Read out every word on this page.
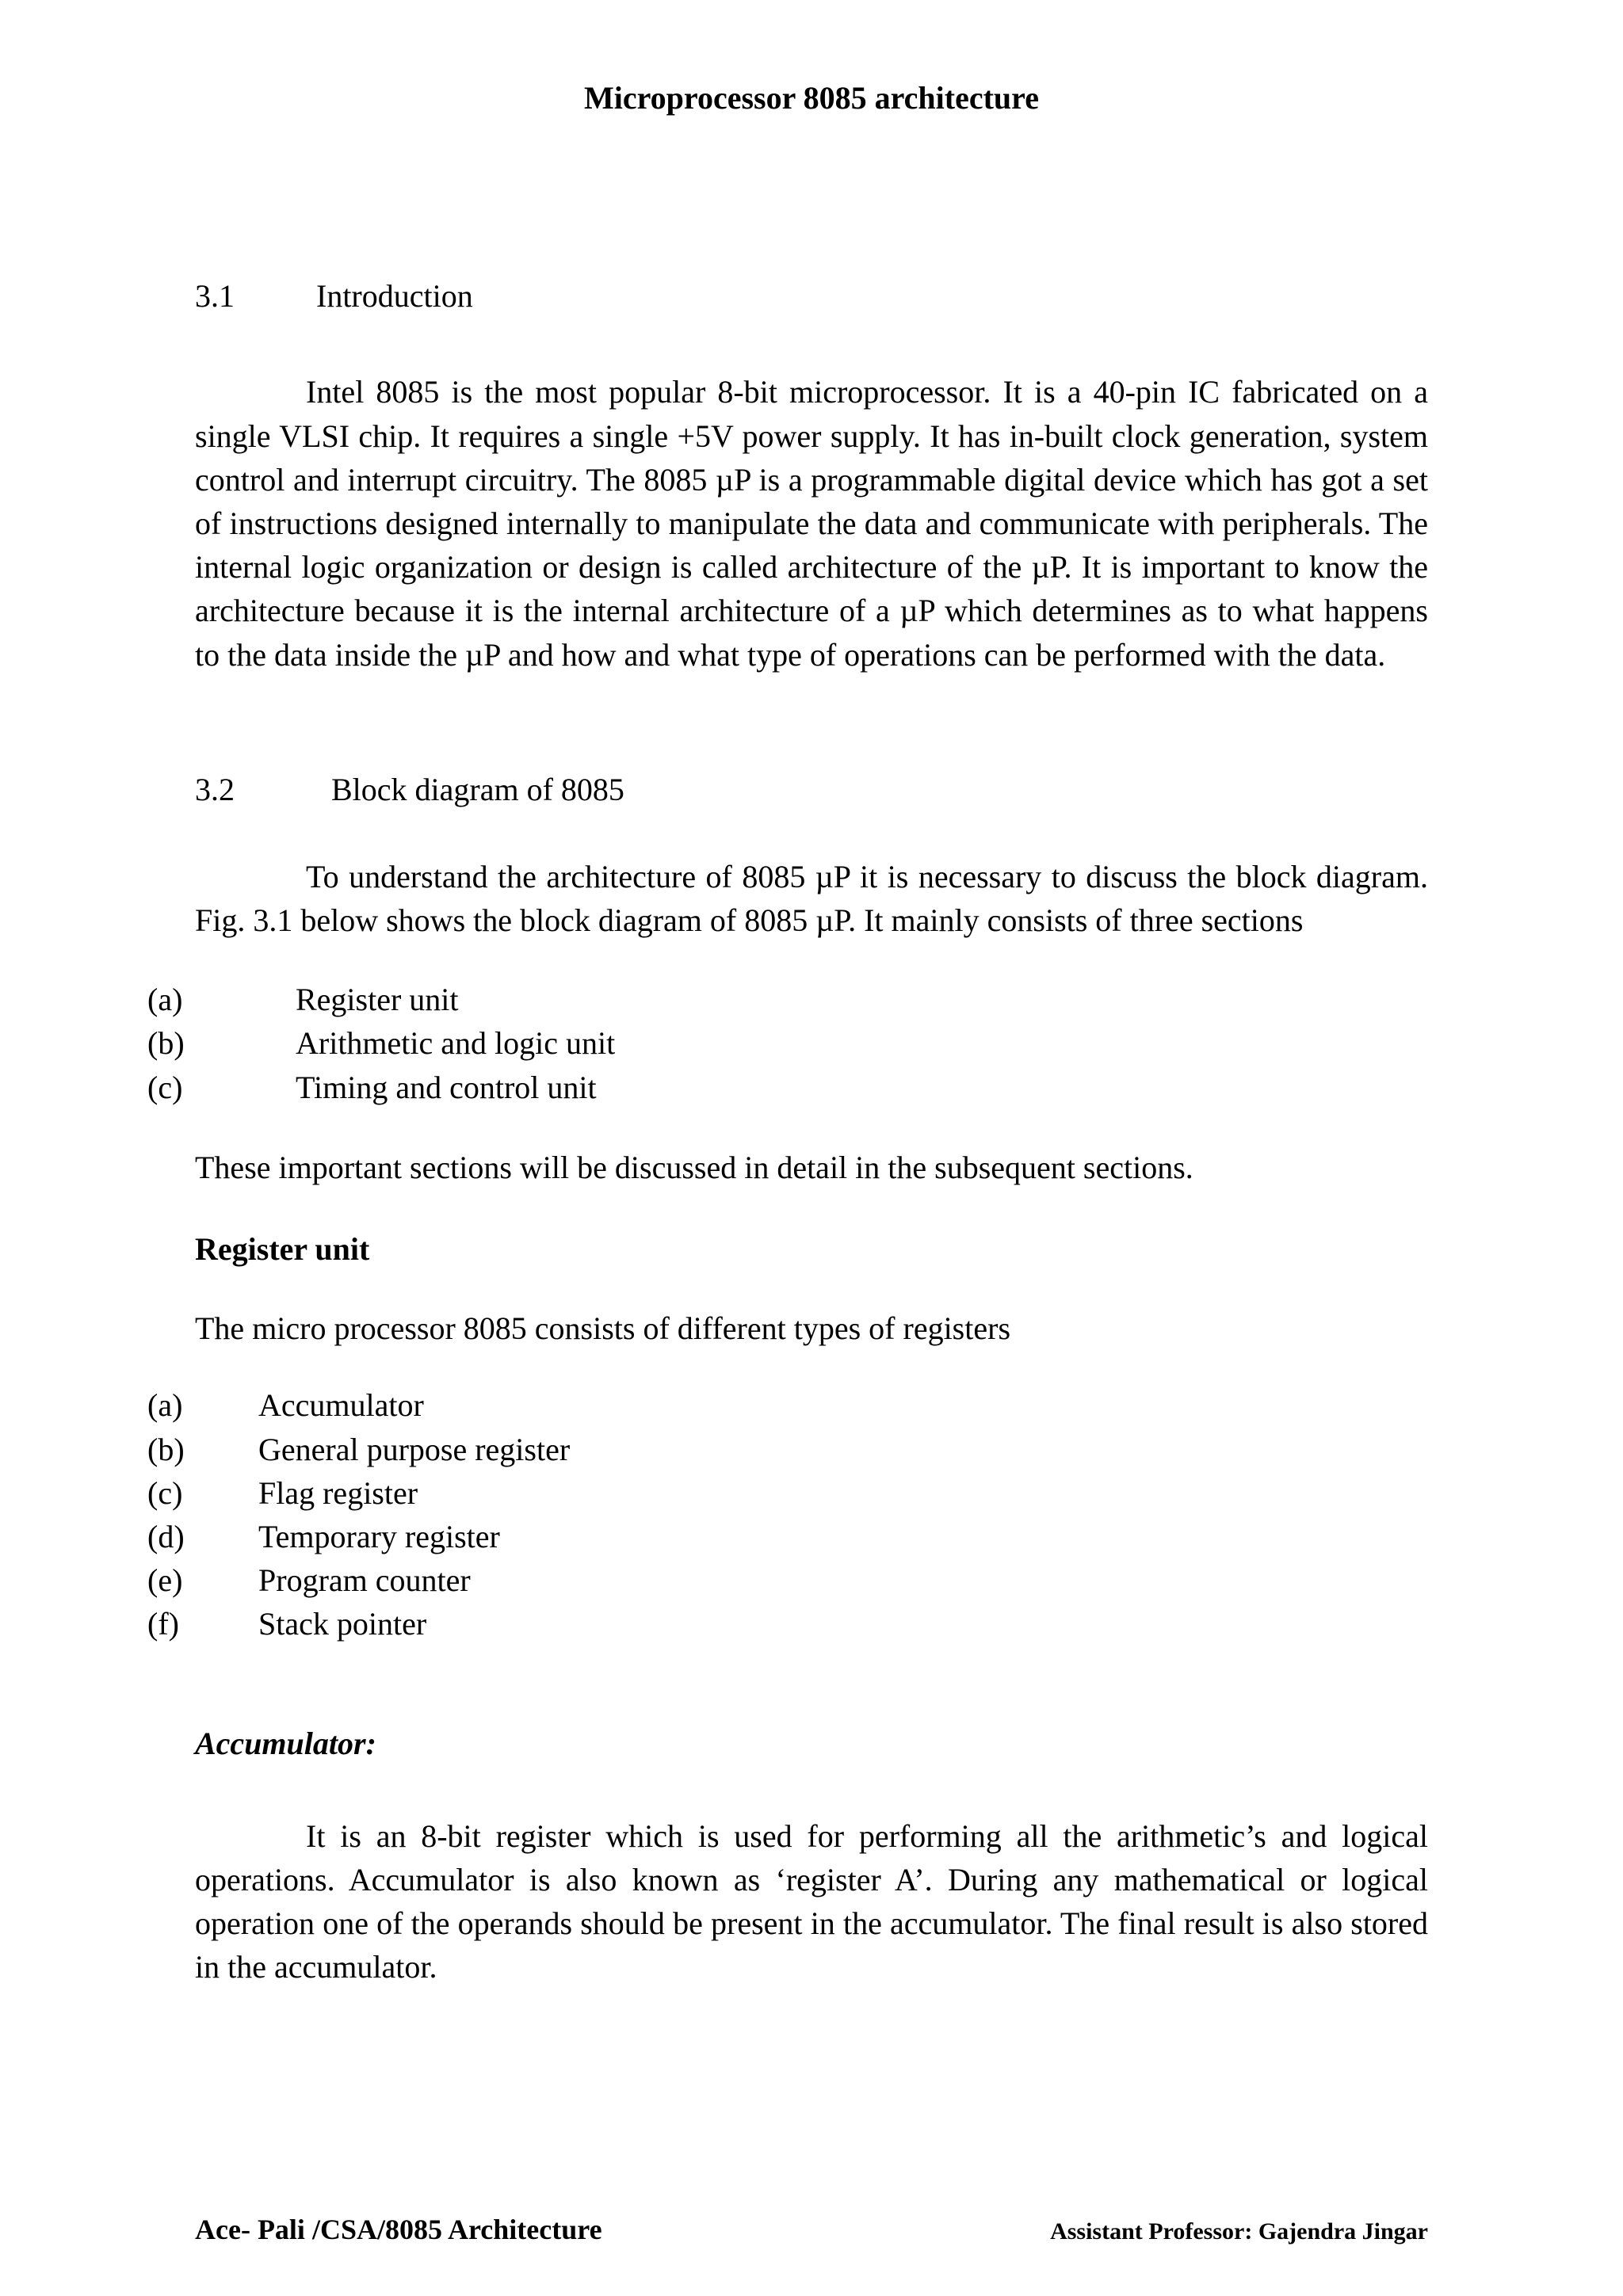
Microprocessor 8085 architecture
3.1	Introduction

Intel 8085 is the most popular 8-bit microprocessor. It is a 40-pin IC fabricated on a single VLSI chip. It requires a single +5V power supply. It has in-built clock generation, system control and interrupt circuitry. The 8085 µP is a programmable digital device which has got a set of instructions designed internally to manipulate the data and communicate with peripherals. The internal logic organization or design is called architecture of the µP. It is important to know the architecture because it is the internal architecture of a µP which determines as to what happens to the data inside the µP and how and what type of operations can be performed with the data.

3.2	Block diagram of 8085

To understand the architecture of 8085 µP it is necessary to discuss the block diagram. Fig. 3.1 below shows the block diagram of 8085 µP. It mainly consists of three sections

(a)	Register unit
(b)	Arithmetic and logic unit
(c)	Timing and control unit
These important sections will be discussed in detail in the subsequent sections.
Register unit
The micro processor 8085 consists of different types of registers
(a)	Accumulator
(b)	General purpose register
(c)	Flag register
(d)	Temporary register
(e)	Program counter
(f)	Stack pointer
Accumulator:

It is an 8-bit register which is used for performing all the arithmetic’s and logical operations. Accumulator is also known as ‘register A’. During any mathematical or logical operation one of the operands should be present in the accumulator. The final result is also stored in the accumulator.

Ace- Pali /CSA/8085 Architecture	Assistant Professor: Gajendra Jingar
